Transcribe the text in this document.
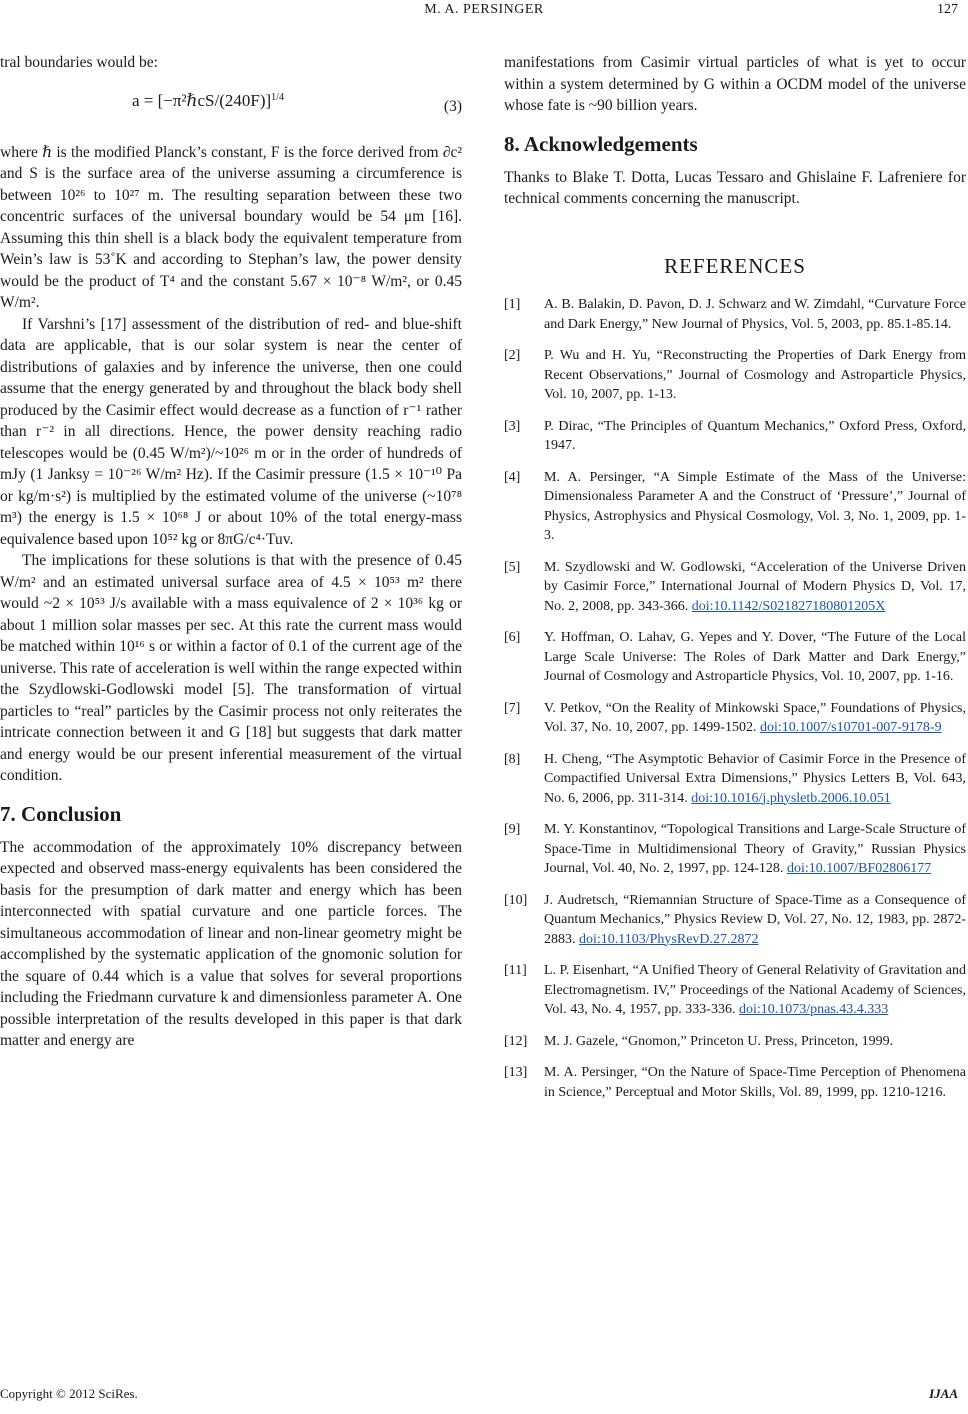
M. A. PERSINGER	127

tral boundaries would be:

a = [−π²ℏcS/(240F)]$^{1/4}$
(3)

where ℏ is the modified Planck’s constant, F is the force derived from ∂c² and S is the surface area of the universe assuming a circumference is between 10²⁶ to 10²⁷ m. The resulting separation between these two concentric surfaces of the universal boundary would be 54 μm [16]. Assuming this thin shell is a black body the equivalent temperature from Wein’s law is 53˚K and according to Stephan’s law, the power density would be the product of T⁴ and the constant 5.67 × 10⁻⁸ W/m², or 0.45 W/m².

If Varshni’s [17] assessment of the distribution of red- and blue-shift data are applicable, that is our solar system is near the center of distributions of galaxies and by inference the universe, then one could assume that the energy generated by and throughout the black body shell produced by the Casimir effect would decrease as a function of r⁻¹ rather than r⁻² in all directions. Hence, the power density reaching radio telescopes would be (0.45 W/m²)/~10²⁶ m or in the order of hundreds of mJy (1 Janksy = 10⁻²⁶ W/m² Hz). If the Casimir pressure (1.5 × 10⁻¹⁰ Pa or kg/m·s²) is multiplied by the estimated volume of the universe (~10⁷⁸ m³) the energy is 1.5 × 10⁶⁸ J or about 10% of the total energy-mass equivalence based upon 10⁵² kg or 8πG/c⁴·Tuv.

The implications for these solutions is that with the presence of 0.45 W/m² and an estimated universal surface area of 4.5 × 10⁵³ m² there would ~2 × 10⁵³ J/s available with a mass equivalence of 2 × 10³⁶ kg or about 1 million solar masses per sec. At this rate the current mass would be matched within 10¹⁶ s or within a factor of 0.1 of the current age of the universe. This rate of acceleration is well within the range expected within the Szydlowski-Godlowski model [5]. The transformation of virtual particles to “real” particles by the Casimir process not only reiterates the intricate connection between it and G [18] but suggests that dark matter and energy would be our present inferential measurement of the virtual condition.

7. Conclusion

The accommodation of the approximately 10% discrepancy between expected and observed mass-energy equivalents has been considered the basis for the presumption of dark matter and energy which has been interconnected with spatial curvature and one particle forces. The simultaneous accommodation of linear and non-linear geometry might be accomplished by the systematic application of the gnomonic solution for the square of 0.44 which is a value that solves for several proportions including the Friedmann curvature k and dimensionless parameter A. One possible interpretation of the results developed in this paper is that dark matter and energy are

manifestations from Casimir virtual particles of what is yet to occur within a system determined by G within a OCDM model of the universe whose fate is ~90 billion years.

8. Acknowledgements

Thanks to Blake T. Dotta, Lucas Tessaro and Ghislaine F. Lafreniere for technical comments concerning the manuscript.

REFERENCES
[1] A. B. Balakin, D. Pavon, D. J. Schwarz and W. Zimdahl, “Curvature Force and Dark Energy,” New Journal of Physics, Vol. 5, 2003, pp. 85.1-85.14.
[2] P. Wu and H. Yu, “Reconstructing the Properties of Dark Energy from Recent Observations,” Journal of Cosmology and Astroparticle Physics, Vol. 10, 2007, pp. 1-13.
[3] P. Dirac, “The Principles of Quantum Mechanics,” Oxford Press, Oxford, 1947.
[4] M. A. Persinger, “A Simple Estimate of the Mass of the Universe: Dimensionaless Parameter A and the Construct of ‘Pressure’,” Journal of Physics, Astrophysics and Physical Cosmology, Vol. 3, No. 1, 2009, pp. 1-3.
[5] M. Szydlowski and W. Godlowski, “Acceleration of the Universe Driven by Casimir Force,” International Journal of Modern Physics D, Vol. 17, No. 2, 2008, pp. 343-366. doi:10.1142/S021827180801205X
[6] Y. Hoffman, O. Lahav, G. Yepes and Y. Dover, “The Future of the Local Large Scale Universe: The Roles of Dark Matter and Dark Energy,” Journal of Cosmology and Astroparticle Physics, Vol. 10, 2007, pp. 1-16.
[7] V. Petkov, “On the Reality of Minkowski Space,” Foundations of Physics, Vol. 37, No. 10, 2007, pp. 1499-1502. doi:10.1007/s10701-007-9178-9
[8] H. Cheng, “The Asymptotic Behavior of Casimir Force in the Presence of Compactified Universal Extra Dimensions,” Physics Letters B, Vol. 643, No. 6, 2006, pp. 311-314. doi:10.1016/j.physletb.2006.10.051
[9] M. Y. Konstantinov, “Topological Transitions and Large-Scale Structure of Space-Time in Multidimensional Theory of Gravity,” Russian Physics Journal, Vol. 40, No. 2, 1997, pp. 124-128. doi:10.1007/BF02806177
[10] J. Audretsch, “Riemannian Structure of Space-Time as a Consequence of Quantum Mechanics,” Physics Review D, Vol. 27, No. 12, 1983, pp. 2872-2883. doi:10.1103/PhysRevD.27.2872
[11] L. P. Eisenhart, “A Unified Theory of General Relativity of Gravitation and Electromagnetism. IV,” Proceedings of the National Academy of Sciences, Vol. 43, No. 4, 1957, pp. 333-336. doi:10.1073/pnas.43.4.333
[12] M. J. Gazele, “Gnomon,” Princeton U. Press, Princeton, 1999.
[13] M. A. Persinger, “On the Nature of Space-Time Perception of Phenomena in Science,” Perceptual and Motor Skills, Vol. 89, 1999, pp. 1210-1216.
Copyright © 2012 SciRes.	IJAA
